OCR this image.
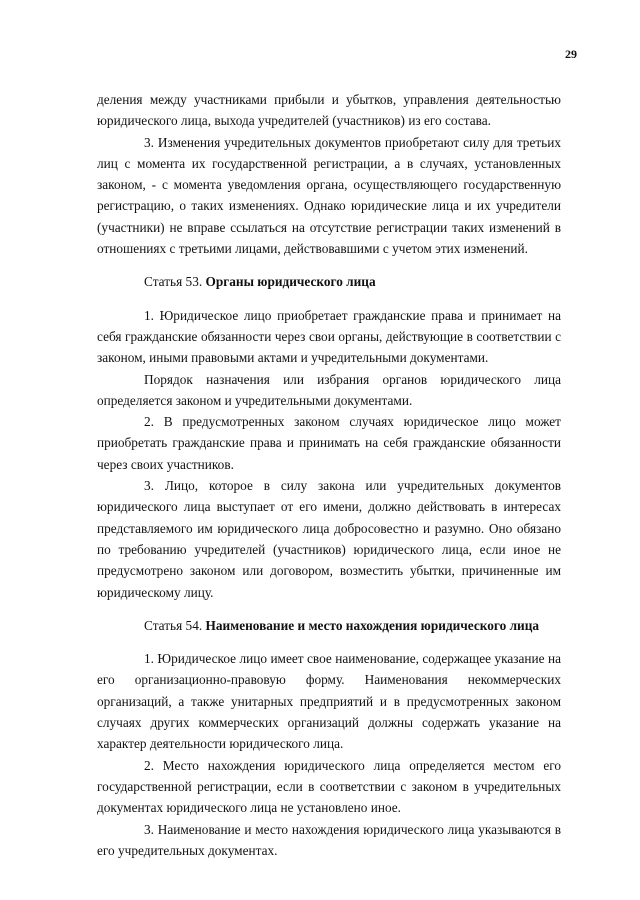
29

деления между участниками прибыли и убытков, управления деятельностью юридического лица, выхода учредителей (участников) из его состава.

3. Изменения учредительных документов приобретают силу для третьих лиц с момента их государственной регистрации, а в случаях, установленных законом, - с момента уведомления органа, осуществляющего государственную регистрацию, о таких изменениях. Однако юридические лица и их учредители (участники) не вправе ссылаться на отсутствие регистрации таких изменений в отношениях с третьими лицами, действовавшими с учетом этих изменений.

Статья 53. Органы юридического лица

1. Юридическое лицо приобретает гражданские права и принимает на себя гражданские обязанности через свои органы, действующие в соответствии с законом, иными правовыми актами и учредительными документами.

Порядок назначения или избрания органов юридического лица определяется законом и учредительными документами.

2. В предусмотренных законом случаях юридическое лицо может приобретать гражданские права и принимать на себя гражданские обязанности через своих участников.

3. Лицо, которое в силу закона или учредительных документов юридического лица выступает от его имени, должно действовать в интересах представляемого им юридического лица добросовестно и разумно. Оно обязано по требованию учредителей (участников) юридического лица, если иное не предусмотрено законом или договором, возместить убытки, причиненные им юридическому лицу.

Статья 54. Наименование и место нахождения юридического лица

1. Юридическое лицо имеет свое наименование, содержащее указание на его организационно-правовую форму. Наименования некоммерческих организаций, а также унитарных предприятий и в предусмотренных законом случаях других коммерческих организаций должны содержать указание на характер деятельности юридического лица.

2. Место нахождения юридического лица определяется местом его государственной регистрации, если в соответствии с законом в учредительных документах юридического лица не установлено иное.

3. Наименование и место нахождения юридического лица указываются в его учредительных документах.
